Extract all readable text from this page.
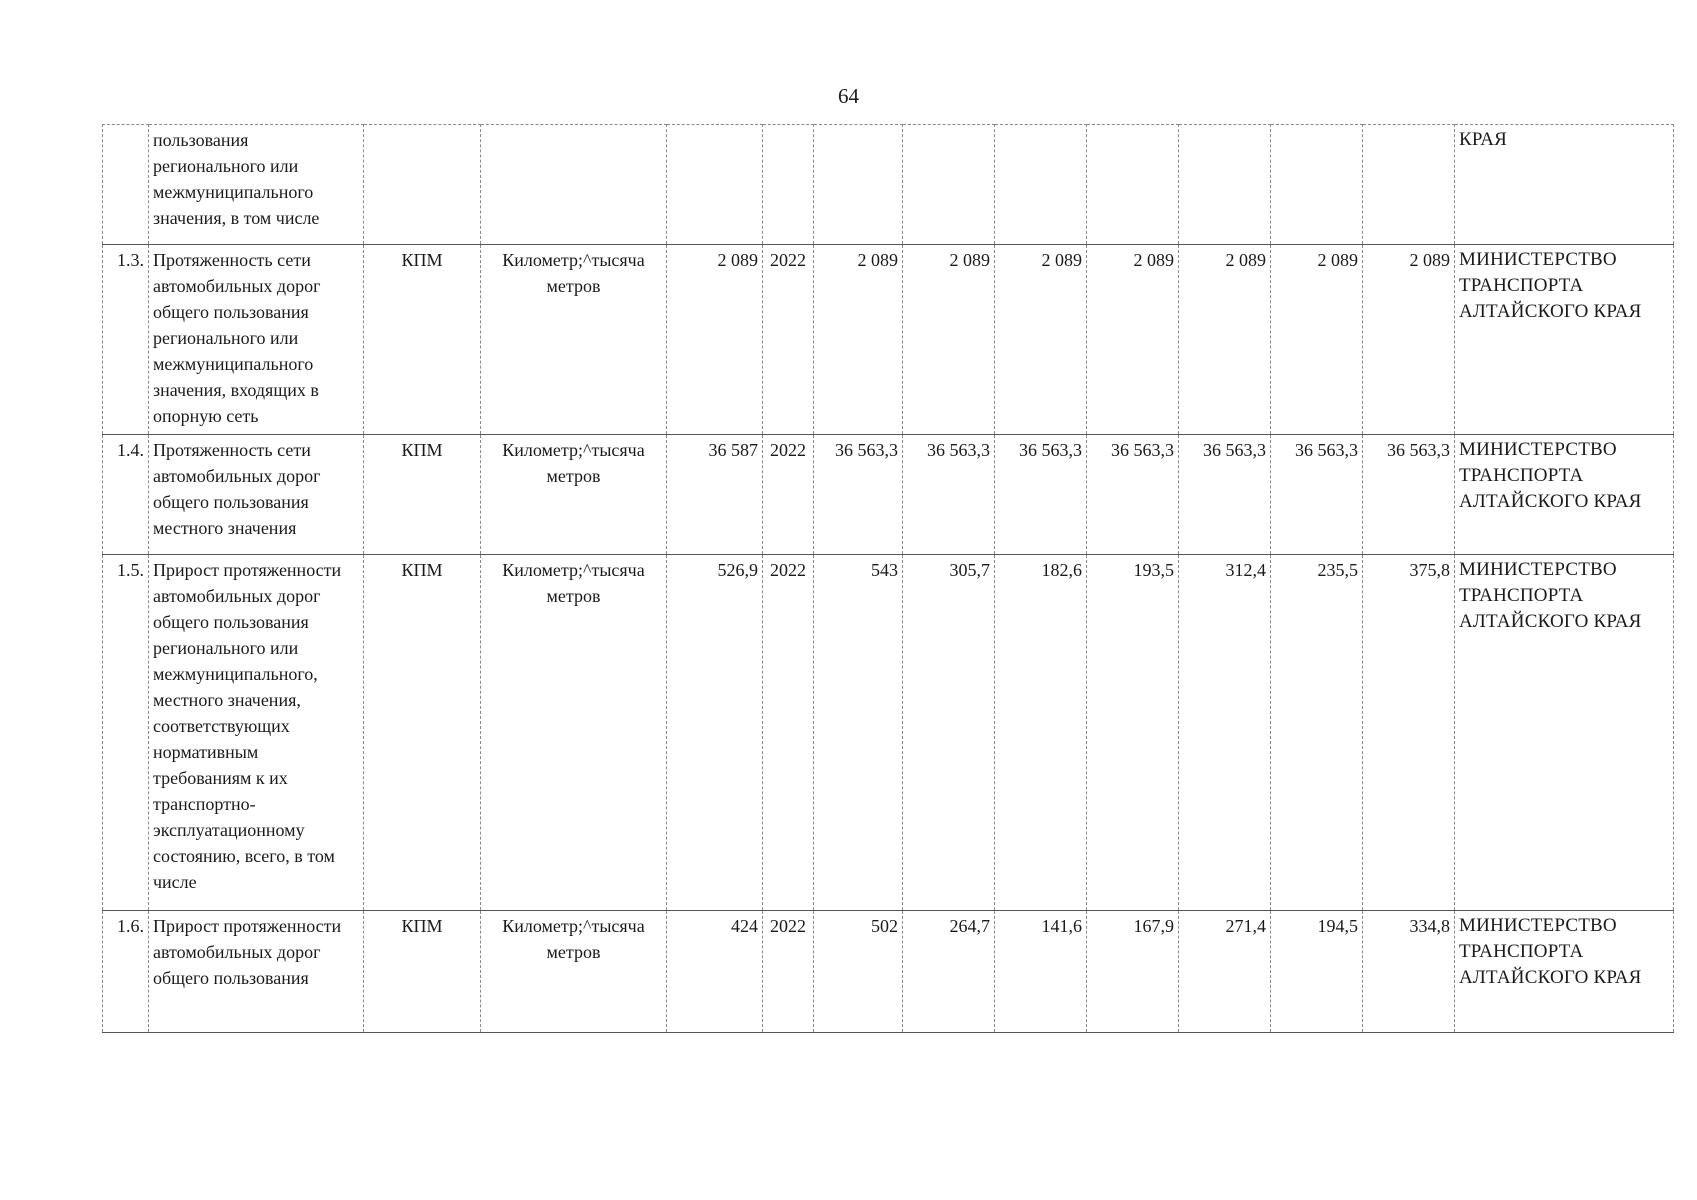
64
	пользования регионального или межмуниципального значения, в том числе												КРАЯ
1.3.	Протяженность сети автомобильных дорог общего пользования регионального или межмуниципального значения, входящих в опорную сеть	КПМ	Километр;^тысяча метров	2 089	2022	2 089	2 089	2 089	2 089	2 089	2 089	2 089	МИНИСТЕРСТВО ТРАНСПОРТА АЛТАЙСКОГО КРАЯ
1.4.	Протяженность сети автомобильных дорог общего пользования местного значения	КПМ	Километр;^тысяча метров	36 587	2022	36 563,3	36 563,3	36 563,3	36 563,3	36 563,3	36 563,3	36 563,3	МИНИСТЕРСТВО ТРАНСПОРТА АЛТАЙСКОГО КРАЯ
1.5.	Прирост протяженности автомобильных дорог общего пользования регионального или межмуниципального, местного значения, соответствующих нормативным требованиям к их транспортно-эксплуатационному состоянию, всего, в том числе	КПМ	Километр;^тысяча метров	526,9	2022	543	305,7	182,6	193,5	312,4	235,5	375,8	МИНИСТЕРСТВО ТРАНСПОРТА АЛТАЙСКОГО КРАЯ
1.6.	Прирост протяженности автомобильных дорог общего пользования	КПМ	Километр;^тысяча метров	424	2022	502	264,7	141,6	167,9	271,4	194,5	334,8	МИНИСТЕРСТВО ТРАНСПОРТА АЛТАЙСКОГО КРАЯ
